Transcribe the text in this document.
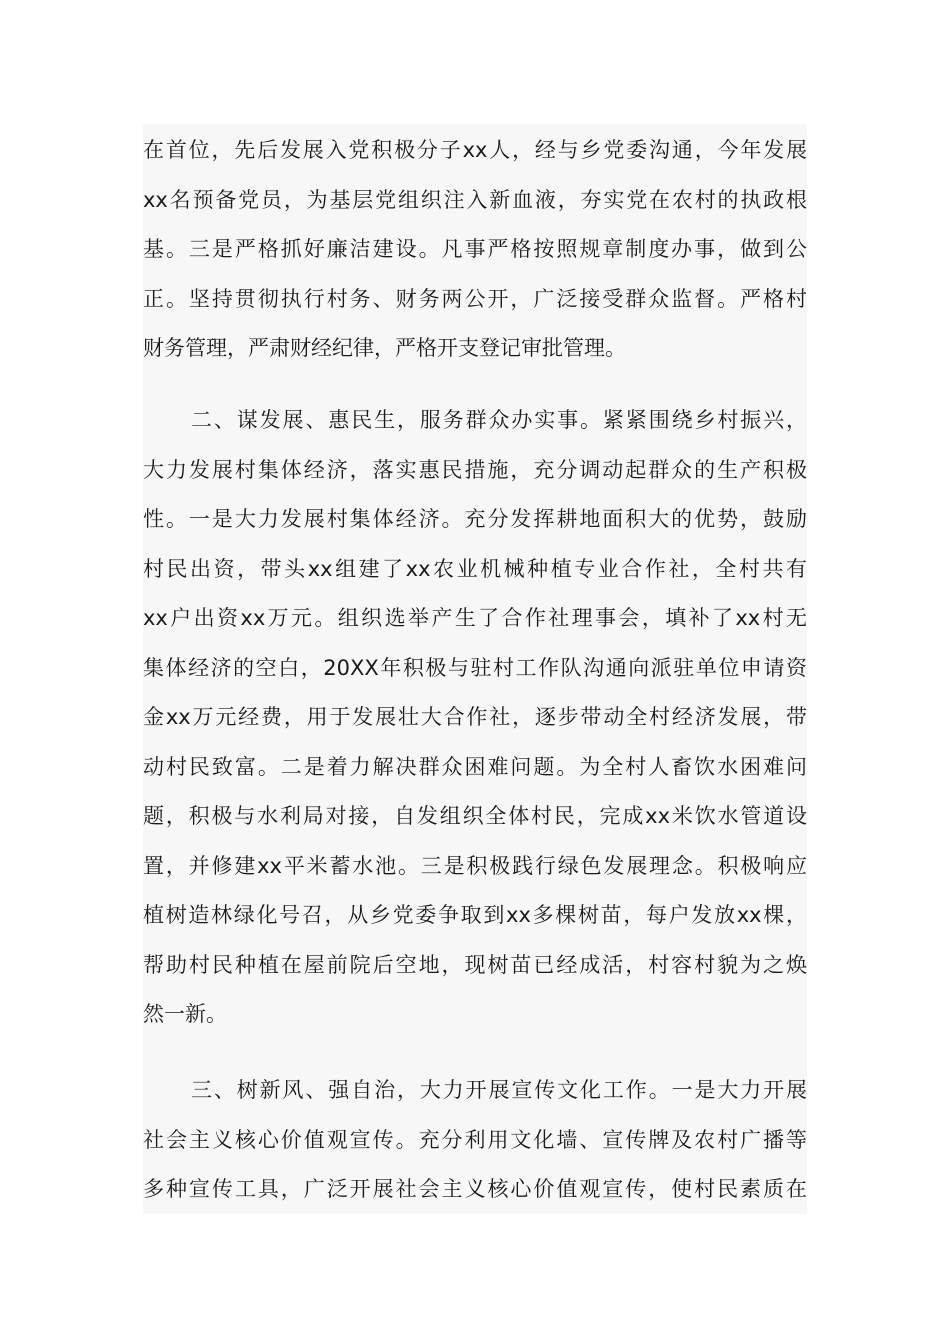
在首位，先后发展入党积极分子xx人，经与乡党委沟通，今年发展
xx名预备党员，为基层党组织注入新血液，夯实党在农村的执政根
基。三是严格抓好廉洁建设。凡事严格按照规章制度办事，做到公
正。坚持贯彻执行村务、财务两公开，广泛接受群众监督。严格村
财务管理，严肃财经纪律，严格开支登记审批管理。
二、谋发展、惠民生，服务群众办实事。紧紧围绕乡村振兴，
大力发展村集体经济，落实惠民措施，充分调动起群众的生产积极
性。一是大力发展村集体经济。充分发挥耕地面积大的优势，鼓励
村民出资，带头xx组建了xx农业机械种植专业合作社，全村共有
xx户出资xx万元。组织选举产生了合作社理事会，填补了xx村无
集体经济的空白，20XX年积极与驻村工作队沟通向派驻单位申请资
金xx万元经费，用于发展壮大合作社，逐步带动全村经济发展，带
动村民致富。二是着力解决群众困难问题。为全村人畜饮水困难问
题，积极与水利局对接，自发组织全体村民，完成xx米饮水管道设
置，并修建xx平米蓄水池。三是积极践行绿色发展理念。积极响应
植树造林绿化号召，从乡党委争取到xx多棵树苗，每户发放xx棵，
帮助村民种植在屋前院后空地，现树苗已经成活，村容村貌为之焕
然一新。
三、树新风、强自治，大力开展宣传文化工作。一是大力开展
社会主义核心价值观宣传。充分利用文化墙、宣传牌及农村广播等
多种宣传工具，广泛开展社会主义核心价值观宣传，使村民素质在
